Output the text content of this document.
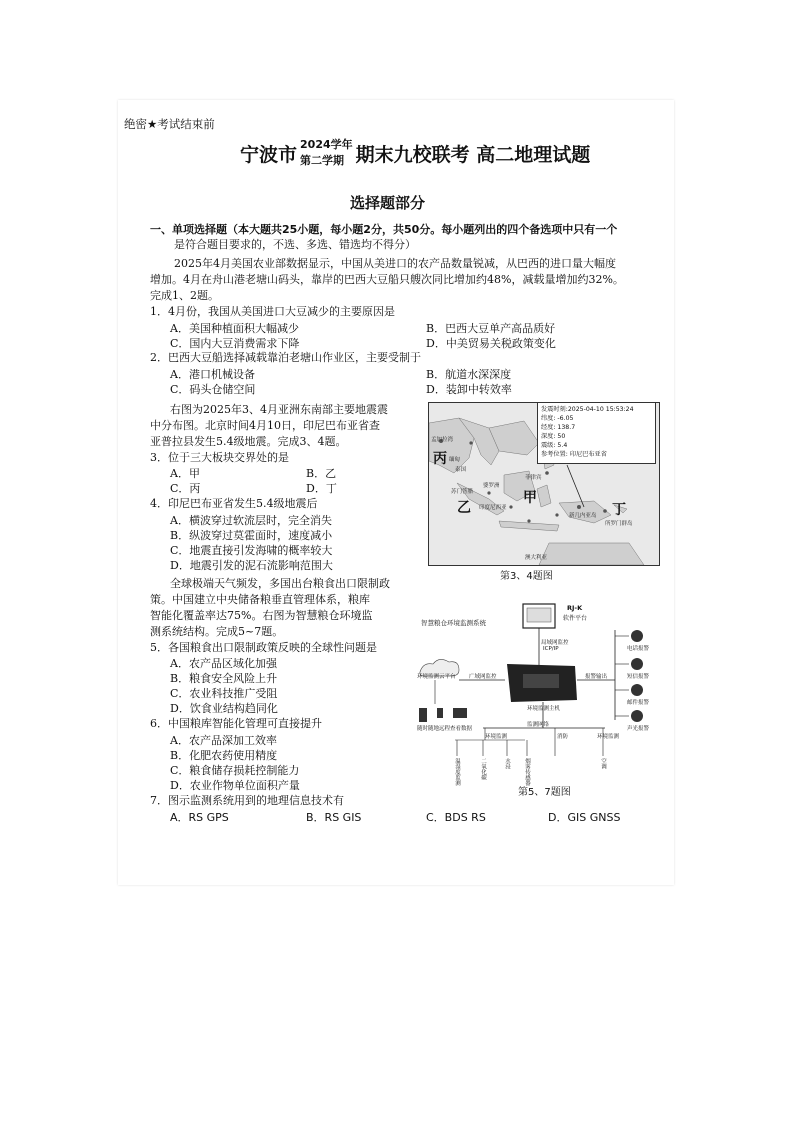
绝密★考试结束前
宁波市 2024学年
第二学期 期末九校联考 高二地理试题
选择题部分
一、单项选择题（本大题共25小题，每小题2分，共50分。每小题列出的四个备选项中只有一个
是符合题目要求的，不选、多选、错选均不得分）
2025年4月美国农业部数据显示，中国从美进口的农产品数量锐减，从巴西的进口量大幅度
增加。4月在舟山港老塘山码头，靠岸的巴西大豆船只艘次同比增加约48%，减载量增加约32%。
完成1、2题。
1．4月份，我国从美国进口大豆减少的主要原因是
A．美国种植面积大幅减少	B．巴西大豆单产高品质好
C．国内大豆消费需求下降	D．中美贸易关税政策变化
2．巴西大豆船选择减载靠泊老塘山作业区，主要受制于
A．港口机械设备	B．航道水深深度
C．码头仓储空间	D．装卸中转效率
右图为2025年3、4月亚洲东南部主要地震震
中分布图。北京时间4月10日，印尼巴布亚省查
亚普拉县发生5.4级地震。完成3、4题。
3．位于三大板块交界处的是
A．甲	B．乙
C．丙	D．丁
4．印尼巴布亚省发生5.4级地震后
A．横波穿过软流层时，完全消失
B．纵波穿过莫霍面时，速度减小
C．地震直接引发海啸的概率较大
D．地震引发的泥石流影响范围大
丙
乙
甲
丁
孟加拉湾
缅甸
泰国
菲律宾
苏门答腊
婆罗洲
印度尼西亚
新几内亚岛
所罗门群岛
澳大利亚
发震时刻:2025-04-10 15:53:24
纬度: -6.05
经度: 138.7
深度: 50
震级: 5.4
参考位置: 印尼巴布亚省
第3、4题图
全球极端天气频发，多国出台粮食出口限制政
策。中国建立中央储备粮垂直管理体系，粮库
智能化覆盖率达75%。右图为智慧粮仓环境监
测系统结构。完成5~7题。
5．各国粮食出口限制政策反映的全球性问题是
A．农产品区域化加强
B．粮食安全风险上升
C．农业科技推广受阻
D．饮食业结构趋同化
6．中国粮库智能化管理可直接提升
A．农产品深加工效率
B．化肥农药使用精度
C．粮食储存损耗控制能力
D．农业作物单位面积产量
7．图示监测系统用到的地理信息技术有
A．RS GPS	B．RS GIS	C．BDS RS	D．GIS GNSS
智慧粮仓环境监测系统
RJ-K
软件平台
局域网监控
ICP/IP
环境监测云平台 广域网监控	报警输出
环境监测主机
随时随地远程查看数据
电话报警
短信报警
邮件报警
声光报警
监测网络
环境监测	消防	环境监测
温湿度监测	二氧化碳	水浸	烟雾传感器	空调
第5、7题图
